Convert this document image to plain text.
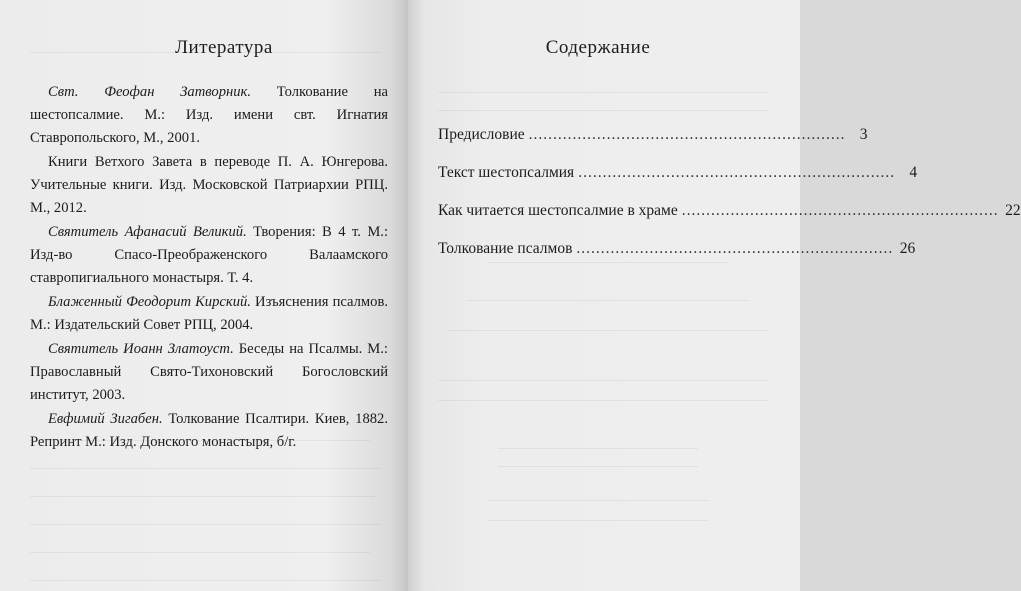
Литература

Свт. Феофан Затворник. Толкование на шестопсалмие. М.: Изд. имени свт. Игнатия Ставропольского, М., 2001.

Книги Ветхого Завета в переводе П. А. Юнгерова. Учительные книги. Изд. Московской Патриархии РПЦ. М., 2012.

Святитель Афанасий Великий. Творения: В 4 т. М.: Изд-во Спасо-Преображенского Валаамского ставропигиального монастыря. Т. 4.

Блаженный Феодорит Кирский. Изъяснения псалмов. М.: Издательский Совет РПЦ, 2004.

Святитель Иоанн Златоуст. Беседы на Псалмы. М.: Православный Свято-Тихоновский Богословский институт, 2003.

Евфимий Зигабен. Толкование Псалтири. Киев, 1882. Репринт М.: Изд. Донского монастыря, б/г.

Содержание
Предисловие ................................................................. 3
Текст шестопсалмия ................................................................. 4
Как читается шестопсалмие в храме ................................................................. 22
Толкование псалмов ................................................................. 26
